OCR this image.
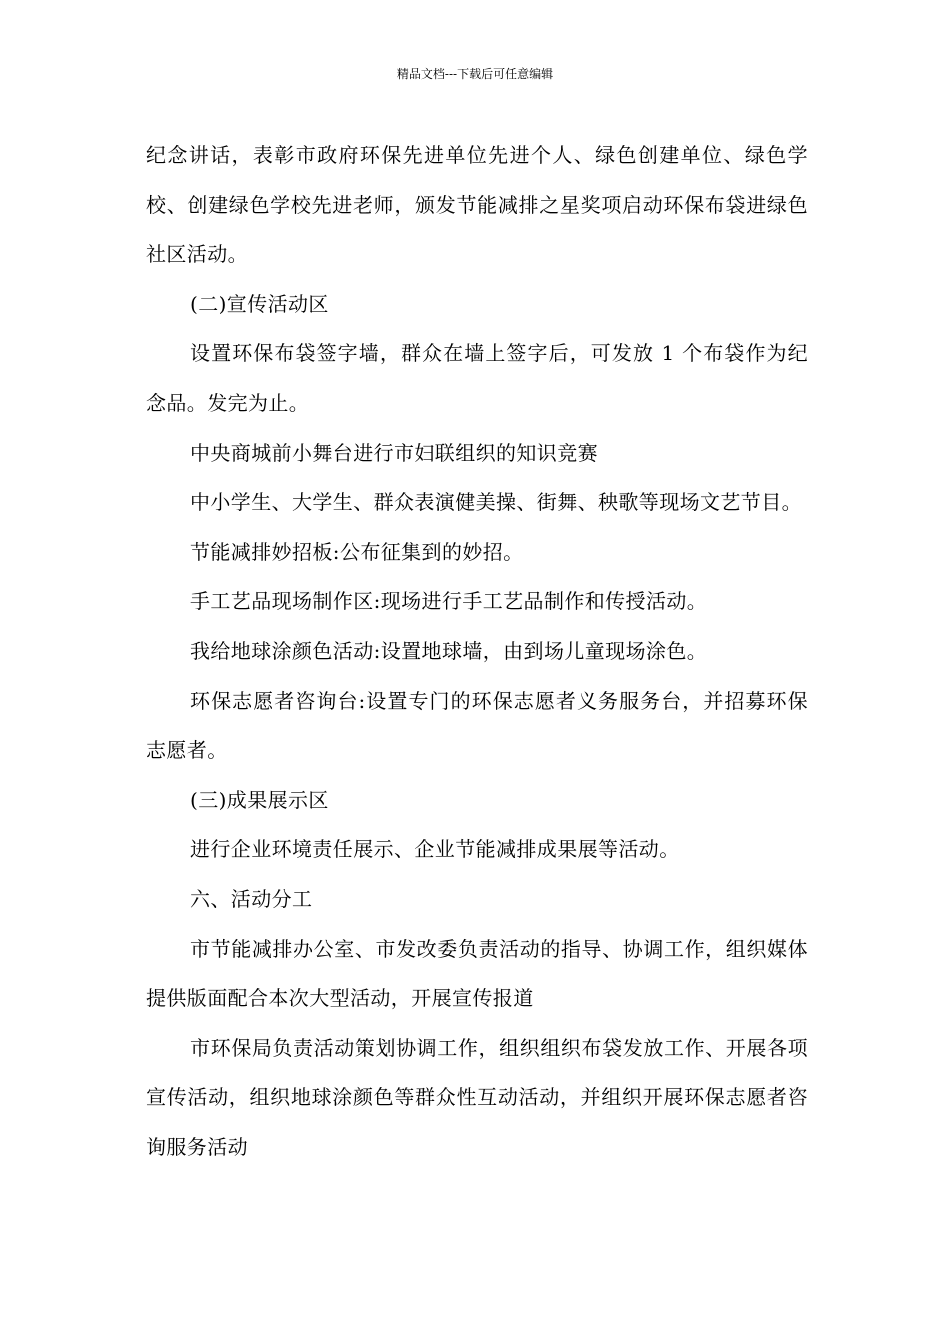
精品文档---下载后可任意编辑

纪念讲话，表彰市政府环保先进单位先进个人、绿色创建单位、绿色学校、创建绿色学校先进老师，颁发节能减排之星奖项启动环保布袋进绿色社区活动。

(二)宣传活动区

设置环保布袋签字墙，群众在墙上签字后，可发放 1 个布袋作为纪念品。发完为止。

中央商城前小舞台进行市妇联组织的知识竞赛

中小学生、大学生、群众表演健美操、街舞、秧歌等现场文艺节目。

节能减排妙招板:公布征集到的妙招。

手工艺品现场制作区:现场进行手工艺品制作和传授活动。

我给地球涂颜色活动:设置地球墙，由到场儿童现场涂色。

环保志愿者咨询台:设置专门的环保志愿者义务服务台，并招募环保志愿者。

(三)成果展示区

进行企业环境责任展示、企业节能减排成果展等活动。

六、活动分工

市节能减排办公室、市发改委负责活动的指导、协调工作，组织媒体提供版面配合本次大型活动，开展宣传报道

市环保局负责活动策划协调工作，组织组织布袋发放工作、开展各项宣传活动，组织地球涂颜色等群众性互动活动，并组织开展环保志愿者咨询服务活动
